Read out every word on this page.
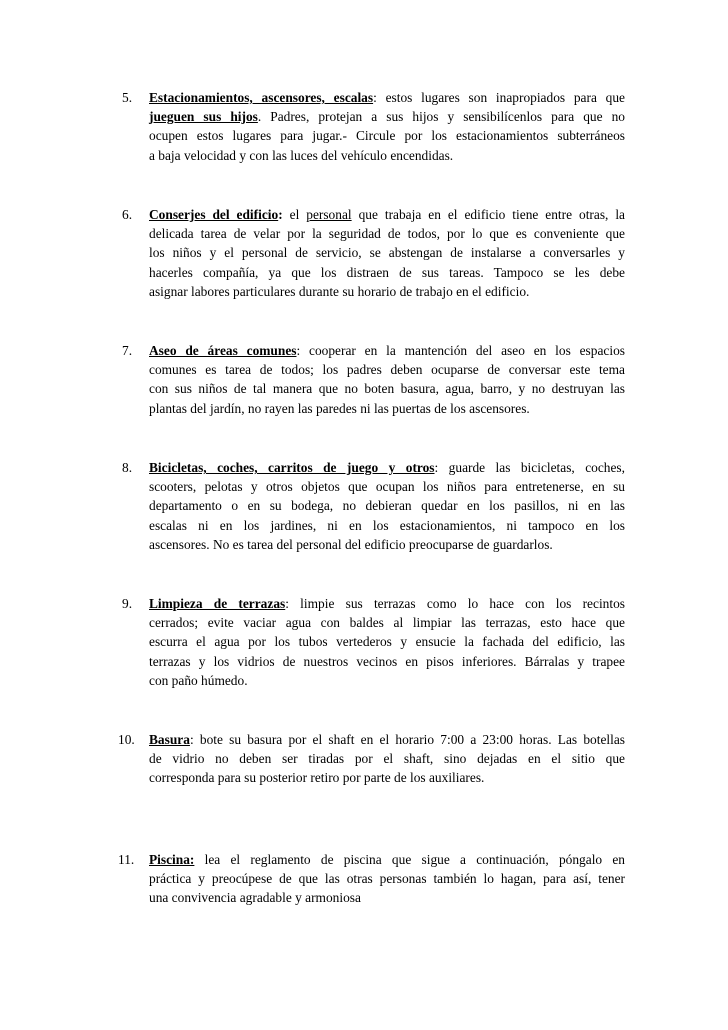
5. Estacionamientos, ascensores, escalas: estos lugares son inapropiados para que
jueguen sus hijos. Padres, protejan a sus hijos y sensibilícenlos para que no
ocupen estos lugares para jugar.- Circule por los estacionamientos subterráneos
a baja velocidad y con las luces del vehículo encendidas.
6. Conserjes del edificio: el personal que trabaja en el edificio tiene entre otras, la
delicada tarea de velar por la seguridad de todos, por lo que es conveniente que
los niños y el personal de servicio, se abstengan de instalarse a conversarles y
hacerles compañía, ya que los distraen de sus tareas. Tampoco se les debe
asignar labores particulares durante su horario de trabajo en el edificio.
7. Aseo de áreas comunes: cooperar en la mantención del aseo en los espacios
comunes es tarea de todos; los padres deben ocuparse de conversar este tema
con sus niños de tal manera que no boten basura, agua, barro, y no destruyan las
plantas del jardín, no rayen las paredes ni las puertas de los ascensores.
8. Bicicletas, coches, carritos de juego y otros: guarde las bicicletas, coches,
scooters, pelotas y otros objetos que ocupan los niños para entretenerse, en su
departamento o en su bodega, no debieran quedar en los pasillos, ni en las
escalas ni en los jardines, ni en los estacionamientos, ni tampoco en los
ascensores. No es tarea del personal del edificio preocuparse de guardarlos.
9. Limpieza de terrazas: limpie sus terrazas como lo hace con los recintos
cerrados; evite vaciar agua con baldes al limpiar las terrazas, esto hace que
escurra el agua por los tubos vertederos y ensucie la fachada del edificio, las
terrazas y los vidrios de nuestros vecinos en pisos inferiores. Bárralas y trapee
con paño húmedo.
10. Basura: bote su basura por el shaft en el horario 7:00 a 23:00 horas. Las botellas
de vidrio no deben ser tiradas por el shaft, sino dejadas en el sitio que
corresponda para su posterior retiro por parte de los auxiliares.
11. Piscina: lea el reglamento de piscina que sigue a continuación, póngalo en
práctica y preocúpese de que las otras personas también lo hagan, para así, tener
una convivencia agradable y armoniosa
